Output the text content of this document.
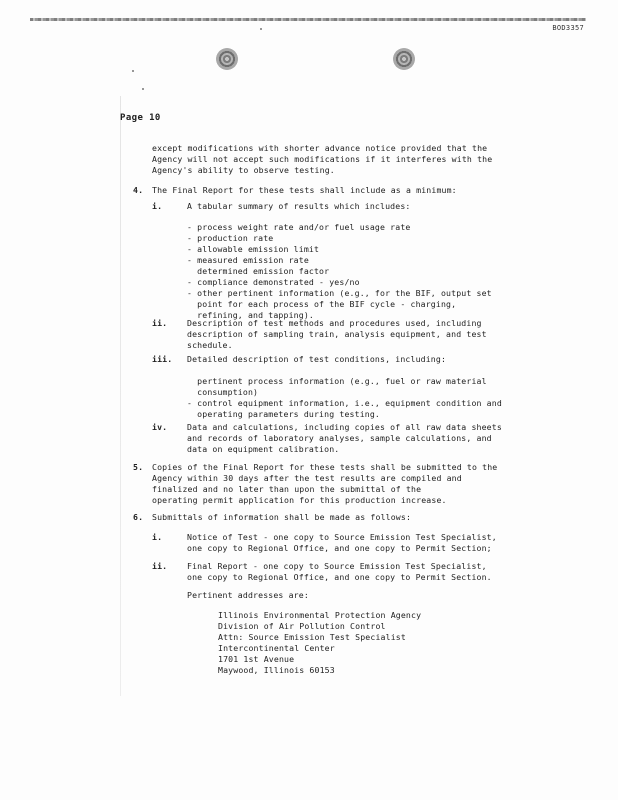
BOD3357
Page 10
except modifications with shorter advance notice provided that the
Agency will not accept such modifications if it interferes with the
Agency's ability to observe testing.
4. The Final Report for these tests shall include as a minimum:
i.	A tabular summary of results which includes:
- process weight rate and/or fuel usage rate
- production rate
- allowable emission limit
- measured emission rate
determined emission factor
- compliance demonstrated - yes/no
- other pertinent information (e.g., for the BIF, output set
point for each process of the BIF cycle - charging,
refining, and tapping).
ii. Description of test methods and procedures used, including
description of sampling train, analysis equipment, and test
schedule.
iii. Detailed description of test conditions, including:
pertinent process information (e.g., fuel or raw material
consumption)
- control equipment information, i.e., equipment condition and
operating parameters during testing.
iv. Data and calculations, including copies of all raw data sheets
and records of laboratory analyses, sample calculations, and
data on equipment calibration.
5. Copies of the Final Report for these tests shall be submitted to the
Agency within 30 days after the test results are compiled and
finalized and no later than upon the submittal of the
operating permit application for this production increase.
6. Submittals of information shall be made as follows:
i.	Notice of Test - one copy to Source Emission Test Specialist,
one copy to Regional Office, and one copy to Permit Section;
ii. Final Report - one copy to Source Emission Test Specialist,
one copy to Regional Office, and one copy to Permit Section.
Pertinent addresses are:
Illinois Environmental Protection Agency
Division of Air Pollution Control
Attn: Source Emission Test Specialist
Intercontinental Center
1701 1st Avenue
Maywood, Illinois 60153
